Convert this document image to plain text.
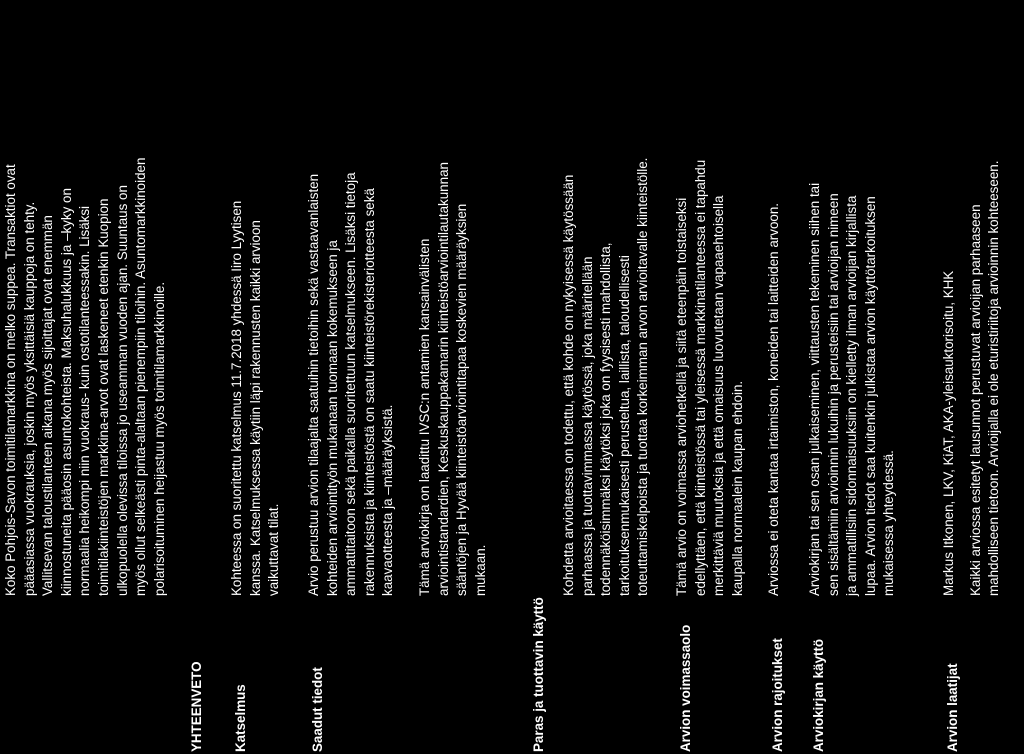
Koko Pohjois-Savon toimitilamarkkina on melko suppea. Transaktiot ovat pääasiassa vuokrauksia, joskin myös yksittäisiä kauppoja on tehty. Vallitsevan taloustilanteen aikana myös sijoittajat ovat enemmän kiinnostuneita pääosin asuntokohteista. Maksuhalukkuus ja –kyky on normaalia heikompi niin vuokraus- kuin ostotilanteessakin. Lisäksi toimitilakiinteistöjen markkina-arvot ovat laskeneet etenkin Kuopion ulkopuolella olevissa tiloissa jo useamman vuoden ajan. Suuntaus on myös ollut selkeästi pinta-alaltaan pienempiin tiloihin. Asuntomarkkinoiden polarisoituminen heijastuu myös toimitilamarkkinoille.

YHTEENVETO Katselmus

Kohteessa on suoritettu katselmus 11.7.2018 yhdessä Iiro Lyytisen kanssa. Katselmuksessa käytiin läpi rakennusten kaikki arvioon vaikuttavat tilat.

Saadut tiedot

Arvio perustuu arvion tilaajalta saatuihin tietoihin sekä vastaavanlaisten kohteiden arviointityön mukanaan tuomaan kokemukseen ja ammattitaitoon sekä paikalla suoritettuun katselmukseen. Lisäksi tietoja rakennuksista ja kiinteistöstä on saatu kiinteistörekisteriotteesta sekä kaavaotteesta ja –määräyksistä. Tämä arviokirja on laadittu IVSC:n antamien kansainvälisten arviointistandardien, Keskuskauppakamarin kiinteistöarviointilautakunnan sääntöjen ja Hyvää kiinteistöarviointitapaa koskevien määräyksien mukaan.

Paras ja tuottavin käyttö

Kohdetta arvioitaessa on todettu, että kohde on nykyisessä käytössään parhaassa ja tuottavimmassa käytössä, joka määritellään todennäköisimmäksi käytöksi joka on fyysisesti mahdollista, tarkoituksenmukaisesti perusteltua, laillista, taloudellisesti toteuttamiskelpoista ja tuottaa korkeimman arvon arvioitavalle kiinteistölle.

Arvion voimassaolo

Tämä arvio on voimassa arviohetkellä ja siitä eteenpäin toistaiseksi edellyttäen, että kiinteistössä tai yleisessä markkinatilanteessa ei tapahdu merkittäviä muutoksia ja että omaisuus luovutetaan vapaaehtoisella kaupalla normaalein kaupan ehdoin.

Arvion rajoitukset

Arviossa ei oteta kantaa irtaimiston, koneiden tai laitteiden arvoon.

Arviokirjan käyttö

Arviokirjan tai sen osan julkaiseminen, viittausten tekeminen siihen tai sen sisältämiin arvioinnin lukuihin ja perusteisiin tai arvioijan nimeen ja ammatillisiin sidonnaisuuksiin on kielletty ilman arvioijan kirjallista lupaa. Arvion tiedot saa kuitenkin julkistaa arvion käyttötarkoituksen mukaisessa yhteydessä.

Arvion laatijat

Markus Itkonen, LKV, KiAT, AKA-yleisauktorisoitu, KHK Kaikki arviossa esitetyt lausunnot perustuvat arvioijan parhaaseen mahdolliseen tietoon. Arvioijalla ei ole eturistiriitoja arvioinnin kohteeseen.
